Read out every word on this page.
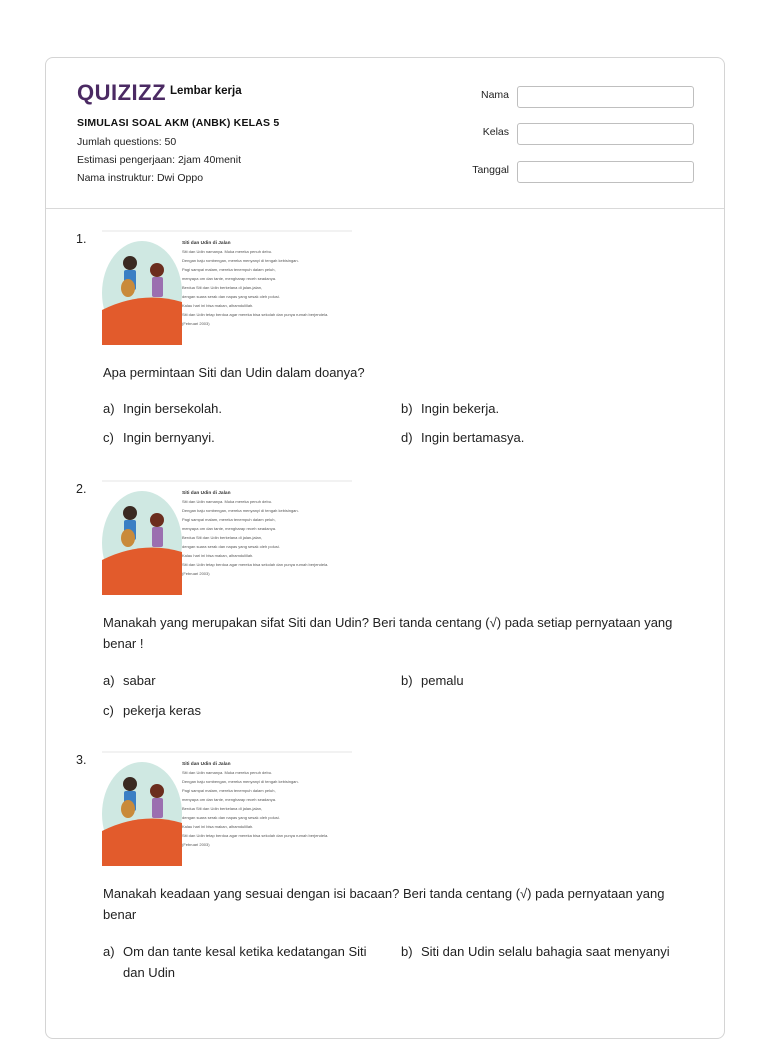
QUIZIZZ Lembar kerja
SIMULASI SOAL AKM (ANBK) KELAS 5
Jumlah questions: 50
Estimasi pengerjaan: 2jam 40menit
Nama instruktur: Dwi Oppo
Nama
Kelas
Tanggal
1.	Siti dan Udin di Jalan
Siti dan Udin namanya. Muka mereka penuh debu.
Dengan baju rombengan, mereka menyanyi di tengah kebisingan.
Pagi sampai malam, mereka tenempuh dalam peluh,
menyapa om dan tante, mengharap receh seadanya.
Berdua Siti dan Udin berkelana di jalan-jalan,
dengan suara serak dan napas yang sesak oleh polusi.
Kalau hari ini bisa makan, alhamdulillah.
Siti dan Udin tetap berdoa agar mereka bisa sekolah dan punya rumah berjendela.
(Februari 2003)
Apa permintaan Siti dan Udin dalam doanya?
a) Ingin bersekolah.	b) Ingin bekerja.
c) Ingin bernyanyi.	d) Ingin bertamasya.
2.	Siti dan Udin di Jalan
Siti dan Udin namanya. Muka mereka penuh debu.
Dengan baju rombengan, mereka menyanyi di tengah kebisingan.
Pagi sampai malam, mereka tenempuh dalam peluh,
menyapa om dan tante, mengharap receh seadanya.
Berdua Siti dan Udin berkelana di jalan-jalan,
dengan suara serak dan napas yang sesak oleh polusi.
Kalau hari ini bisa makan, alhamdulillah.
Siti dan Udin tetap berdoa agar mereka bisa sekolah dan punya rumah berjendela.
(Februari 2003)
Manakah yang merupakan sifat Siti dan Udin? Beri tanda centang (√) pada setiap pernyataan yang benar !
a) sabar	b) pemalu
c) pekerja keras
3.	Siti dan Udin di Jalan
Siti dan Udin namanya. Muka mereka penuh debu.
Dengan baju rombengan, mereka menyanyi di tengah kebisingan.
Pagi sampai malam, mereka tenempuh dalam peluh,
menyapa om dan tante, mengharap receh seadanya.
Berdua Siti dan Udin berkelana di jalan-jalan,
dengan suara serak dan napas yang sesak oleh polusi.
Kalau hari ini bisa makan, alhamdulillah.
Siti dan Udin tetap berdoa agar mereka bisa sekolah dan punya rumah berjendela.
(Februari 2003)
Manakah keadaan yang sesuai dengan isi bacaan? Beri tanda centang (√) pada pernyataan yang benar
a) Om dan tante kesal ketika kedatangan Siti dan Udin
b) Siti dan Udin selalu bahagia saat menyanyi
